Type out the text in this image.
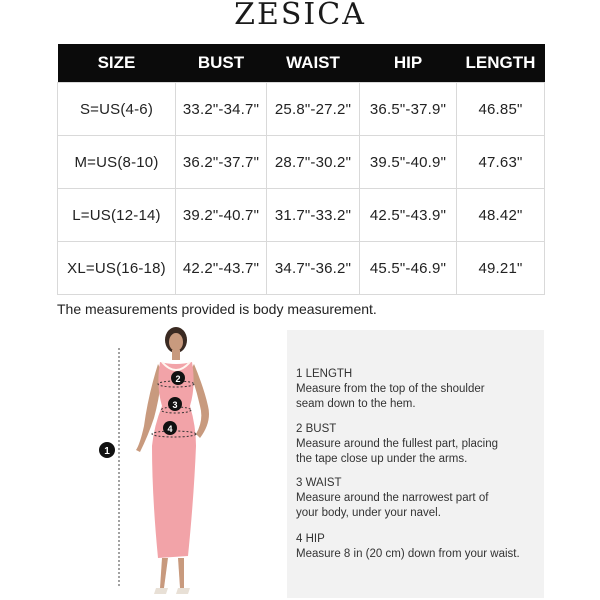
ZESICA
SIZE	BUST	WAIST	HIP	LENGTH
S=US(4-6)	33.2"-34.7"	25.8"-27.2"	36.5"-37.9"	46.85"
M=US(8-10)	36.2"-37.7"	28.7"-30.2"	39.5"-40.9"	47.63"
L=US(12-14)	39.2"-40.7"	31.7"-33.2"	42.5"-43.9"	48.42"
XL=US(16-18)	42.2"-43.7"	34.7"-36.2"	45.5"-46.9"	49.21"
The measurements provided is body measurement.
1
2
3
4
1 LENGTH
Measure from the top of the shoulder
seam down to the hem.
2 BUST
Measure around the fullest part, placing
the tape close up under the arms.
3 WAIST
Measure around the narrowest part of
your body, under your navel.
4 HIP
Measure 8 in (20 cm) down from your waist.
